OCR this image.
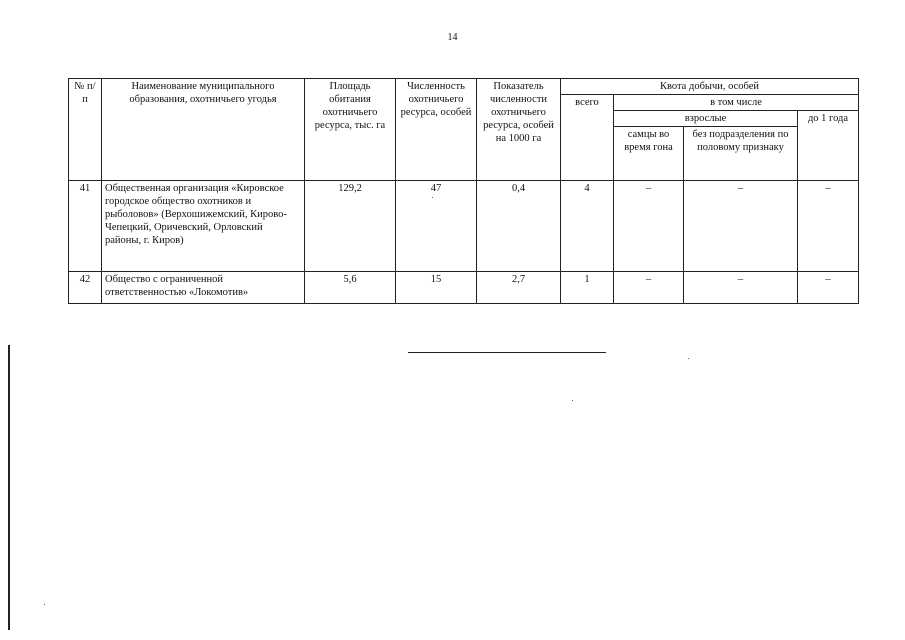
14
№ п/п	Наименование муниципального образования, охотничьего угодья	Площадь обитания охотничьего ресурса, тыс. га	Численность охотничьего ресурса, особей	Показатель численности охотничьего ресурса, особей на 1000 га	Квота добычи, особей			
					всего	в том числе		
						взрослые		до 1 года
						самцы во время гона	без подразделения по половому признаку	
41	Общественная организация «Кировское городское общество охотников и рыболовов» (Верхошижемский, Кирово-Чепецкий, Оричевский, Орловский районы, г. Киров)	129,2	47	0,4	4	–	–	–
42	Общество с ограниченной ответственностью «Локомотив»	5,6	15	2,7	1	–	–	–
